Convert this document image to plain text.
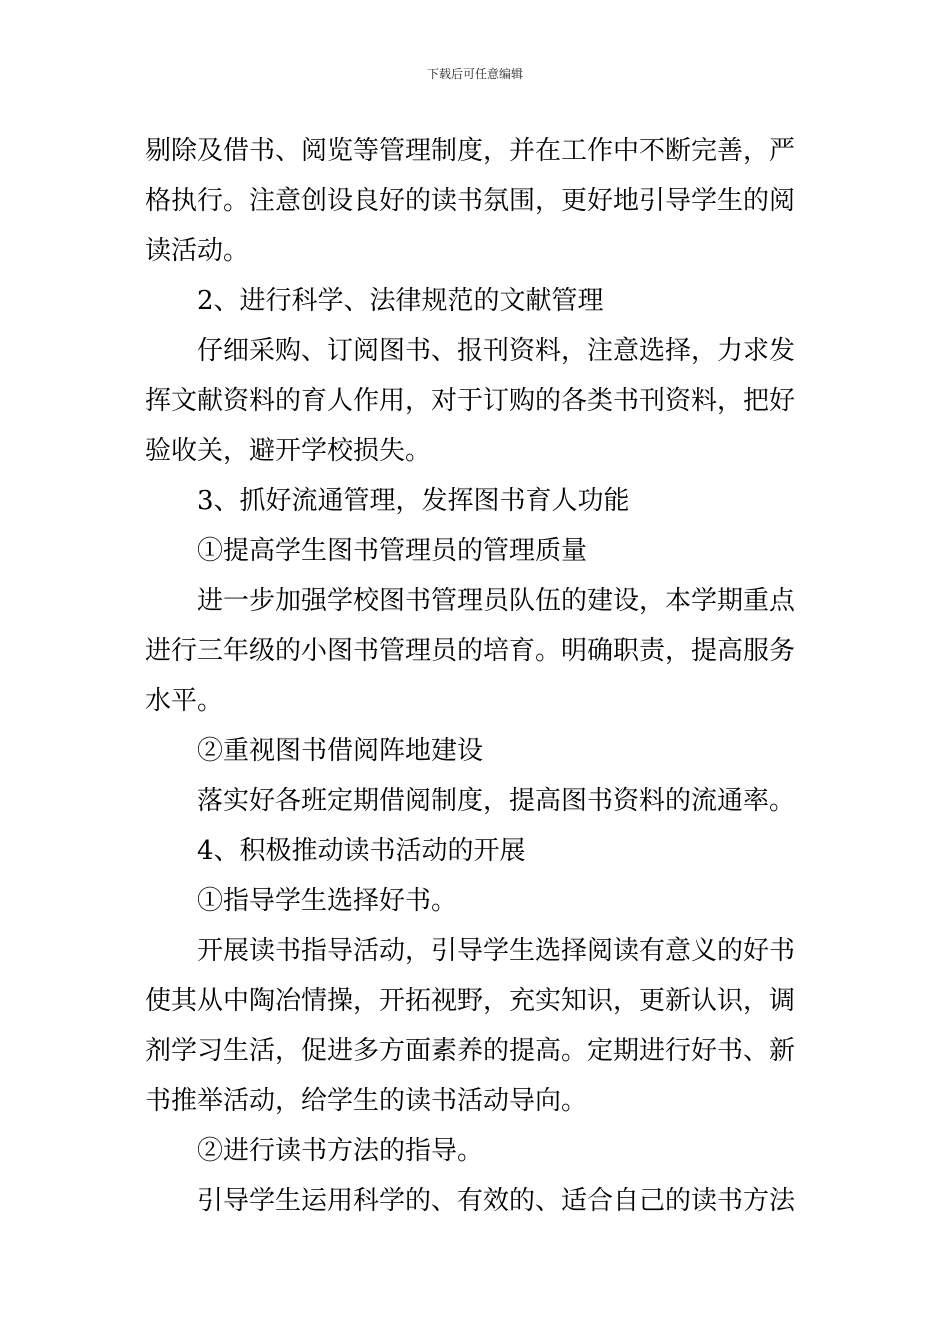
下载后可任意编辑
剔除及借书、阅览等管理制度，并在工作中不断完善，严
格执行。注意创设良好的读书氛围，更好地引导学生的阅
读活动。
2、进行科学、法律规范的文献管理
仔细采购、订阅图书、报刊资料，注意选择，力求发
挥文献资料的育人作用，对于订购的各类书刊资料，把好
验收关，避开学校损失。
3、抓好流通管理，发挥图书育人功能
①提高学生图书管理员的管理质量
进一步加强学校图书管理员队伍的建设，本学期重点
进行三年级的小图书管理员的培育。明确职责，提高服务
水平。
②重视图书借阅阵地建设
落实好各班定期借阅制度，提高图书资料的流通率。
4、积极推动读书活动的开展
①指导学生选择好书。
开展读书指导活动，引导学生选择阅读有意义的好书
使其从中陶冶情操，开拓视野，充实知识，更新认识，调
剂学习生活，促进多方面素养的提高。定期进行好书、新
书推举活动，给学生的读书活动导向。
②进行读书方法的指导。
引导学生运用科学的、有效的、适合自己的读书方法
